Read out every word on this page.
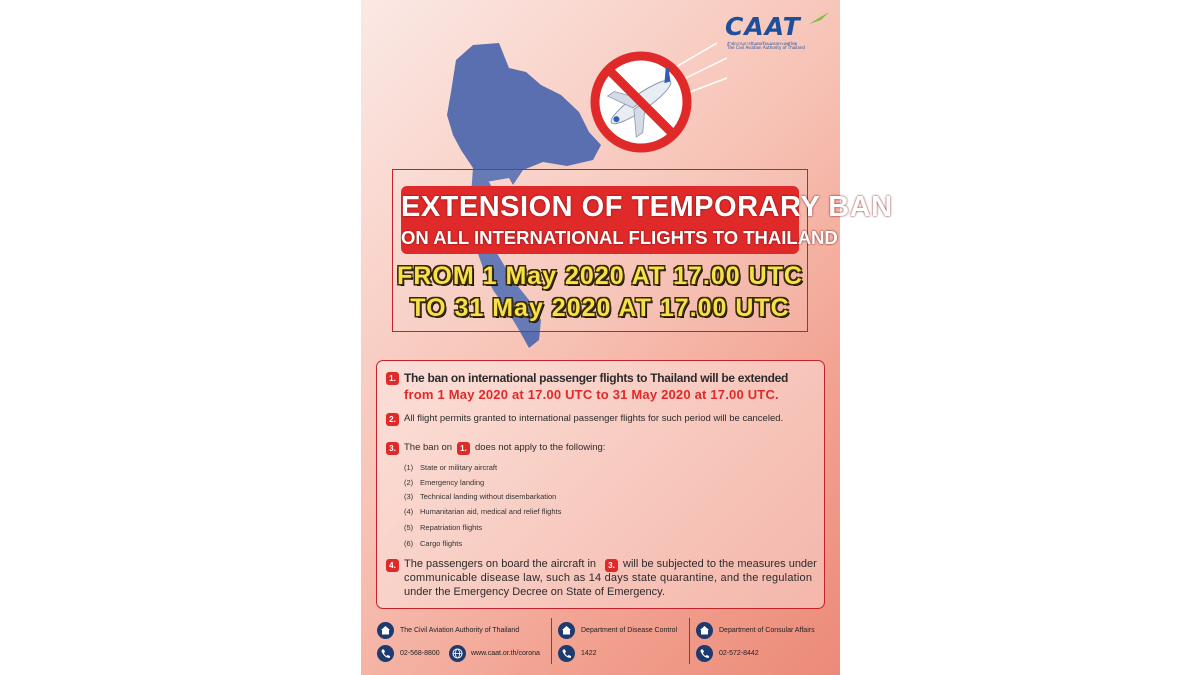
CAAT
สำนักงานการบินพลเรือนแห่งประเทศไทย
The Civil Aviation Authority of Thailand
EXTENSION OF TEMPORARY BAN
ON ALL INTERNATIONAL FLIGHTS TO THAILAND
FROM 1 May 2020 AT 17.00 UTC
TO 31 May 2020 AT 17.00 UTC
1. The ban on international passenger flights to Thailand will be extended
from 1 May 2020 at 17.00 UTC to 31 May 2020 at 17.00 UTC.
2. All flight permits granted to international passenger flights for such period will be canceled.
3. The ban on	1. does not apply to the following:
(1) State or military aircraft
(2) Emergency landing
(3) Technical landing without disembarkation
(4) Humanitarian aid, medical and relief flights
(5) Repatriation flights
(6) Cargo flights
4. The passengers on board the aircraft in	3. will be subjected to the measures under
communicable disease law, such as 14 days state quarantine, and the regulation
under the Emergency Decree on State of Emergency.
The Civil Aviation Authority of Thailand
02-568-8800	www.caat.or.th/corona
Department of Disease Control
1422
Department of Consular Affairs
02-572-8442
